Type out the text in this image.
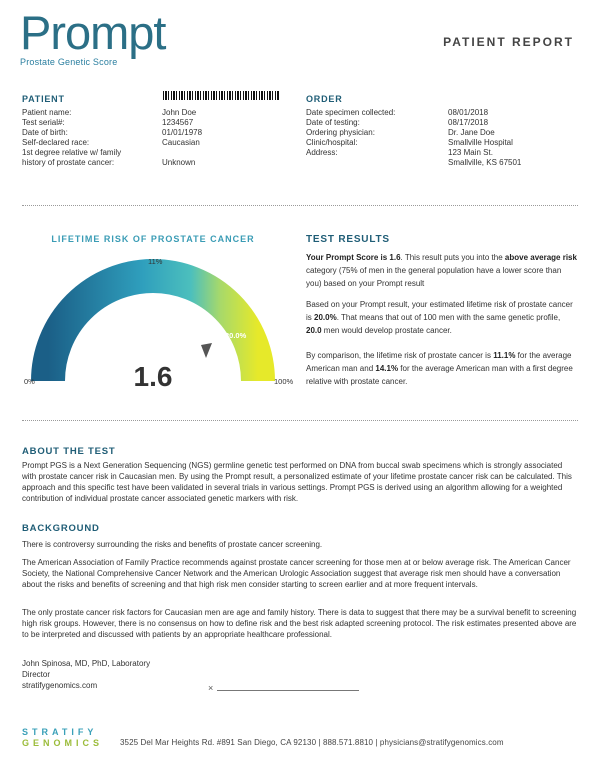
Prompt
Prostate Genetic Score
PATIENT REPORT
PATIENT	ORDER
Patient name:	John Doe
Test serial#:	1234567
Date of birth:	01/01/1978
Self-declared race:	Caucasian
1st degree relative w/ family
history of prostate cancer:	Unknown
Date specimen collected:	08/01/2018
Date of testing:	08/17/2018
Ordering physician:	Dr. Jane Doe
Clinic/hospital:	Smallville Hospital
Address:	123 Main St.
Smallville, KS 67501
LIFETIME RISK OF PROSTATE CANCER
11%
20.0%
0%	100%
1.6
TEST RESULTS
Your Prompt Score is 1.6. This result puts you into the above average risk category (75% of men in the general population have a lower score than you) based on your Prompt result
Based on your Prompt result, your estimated lifetime risk of prostate cancer is 20.0%. That means that out of 100 men with the same genetic profile, 20.0 men would develop prostate cancer.
By comparison, the lifetime risk of prostate cancer is 11.1% for the average American man and 14.1% for the average American man with a first degree relative with prostate cancer.
ABOUT THE TEST
Prompt PGS is a Next Generation Sequencing (NGS) germline genetic test performed on DNA from buccal swab specimens which is strongly associated with prostate cancer risk in Caucasian men. By using the Prompt result, a personalized estimate of your lifetime prostate cancer risk can be calculated. This approach and this specific test have been validated in several trials in various settings. Prompt PGS is derived using an algorithm allowing for a weighted contribution of individual prostate cancer associated genetic markers with risk.
BACKGROUND
There is controversy surrounding the risks and benefits of prostate cancer screening.
The American Association of Family Practice recommends against prostate cancer screening for those men at or below average risk. The American Cancer Society, the National Comprehensive Cancer Network and the American Urologic Association suggest that average risk men should have a conversation about the risks and benefits of screening and that high risk men consider starting to screen earlier and at more frequent intervals.
The only prostate cancer risk factors for Caucasian men are age and family history. There is data to suggest that there may be a survival benefit to screening high risk groups. However, there is no consensus on how to define risk and the best risk adapted screening protocol. The risk estimates presented above are to be interpreted and discussed with patients by an appropriate healthcare professional.
John Spinosa, MD, PhD, Laboratory
Director
stratifygenomics.com	×
STRATIFY
GENOMICS 3525 Del Mar Heights Rd. #891 San Diego, CA 92130 | 888.571.8810 | physicians@stratifygenomics.com
